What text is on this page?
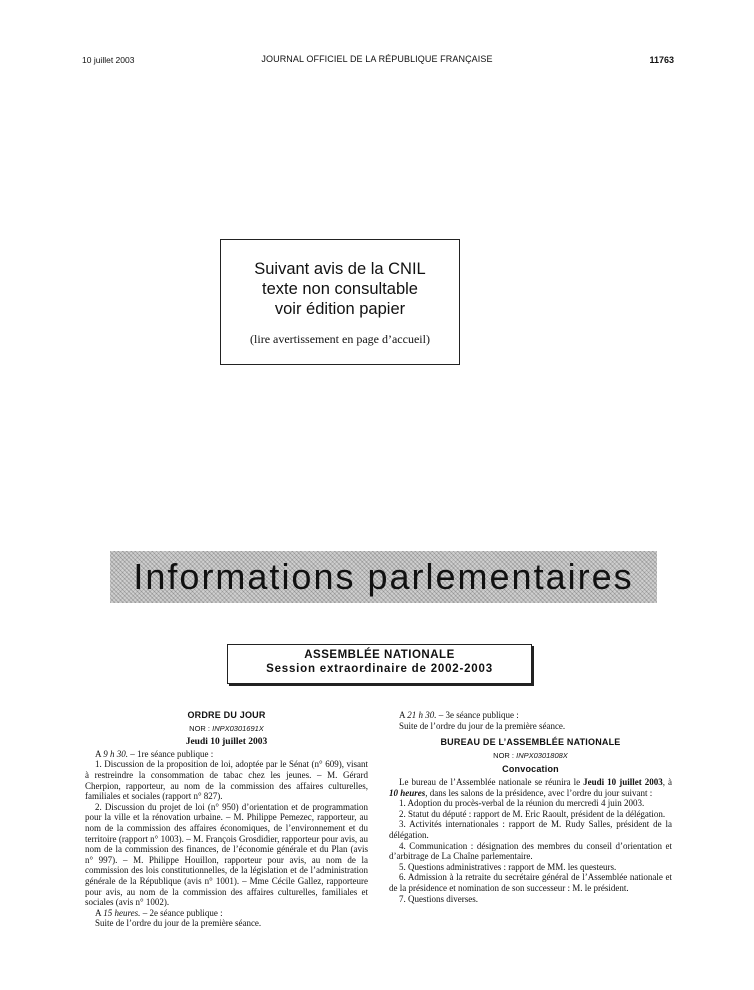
10 juillet 2003	JOURNAL OFFICIEL DE LA RÉPUBLIQUE FRANÇAISE	11763
Suivant avis de la CNIL
texte non consultable
voir édition papier
(lire avertissement en page d’accueil)
Informations parlementaires
ASSEMBLÉE NATIONALE
Session extraordinaire de 2002-2003
ORDRE DU JOUR
NOR : INPX0301691X
Jeudi 10 juillet 2003

A 9 h 30. – 1re séance publique :

1. Discussion de la proposition de loi, adoptée par le Sénat (n° 609), visant à restreindre la consommation de tabac chez les jeunes. – M. Gérard Cherpion, rapporteur, au nom de la commission des affaires culturelles, familiales et sociales (rapport n° 827).

2. Discussion du projet de loi (n° 950) d’orientation et de programmation pour la ville et la rénovation urbaine. – M. Philippe Pemezec, rapporteur, au nom de la commission des affaires économiques, de l’environnement et du territoire (rapport n° 1003). – M. François Grosdidier, rapporteur pour avis, au nom de la commission des finances, de l’économie générale et du Plan (avis n° 997). – M. Philippe Houillon, rapporteur pour avis, au nom de la commission des lois constitutionnelles, de la législation et de l’administration générale de la République (avis n° 1001). – Mme Cécile Gallez, rapporteure pour avis, au nom de la commission des affaires culturelles, familiales et sociales (avis n° 1002).

A 15 heures. – 2e séance publique :

Suite de l’ordre du jour de la première séance.

A 21 h 30. – 3e séance publique :

Suite de l’ordre du jour de la première séance.

BUREAU DE L’ASSEMBLÉE NATIONALE
NOR : INPX0301808X
Convocation

Le bureau de l’Assemblée nationale se réunira le Jeudi 10 juillet 2003, à 10 heures, dans les salons de la présidence, avec l’ordre du jour suivant :

1. Adoption du procès-verbal de la réunion du mercredi 4 juin 2003.

2. Statut du député : rapport de M. Eric Raoult, président de la délégation.

3. Activités internationales : rapport de M. Rudy Salles, président de la délégation.

4. Communication : désignation des membres du conseil d’orientation et d’arbitrage de La Chaîne parlementaire.

5. Questions administratives : rapport de MM. les questeurs.

6. Admission à la retraite du secrétaire général de l’Assemblée nationale et de la présidence et nomination de son successeur : M. le président.

7. Questions diverses.
